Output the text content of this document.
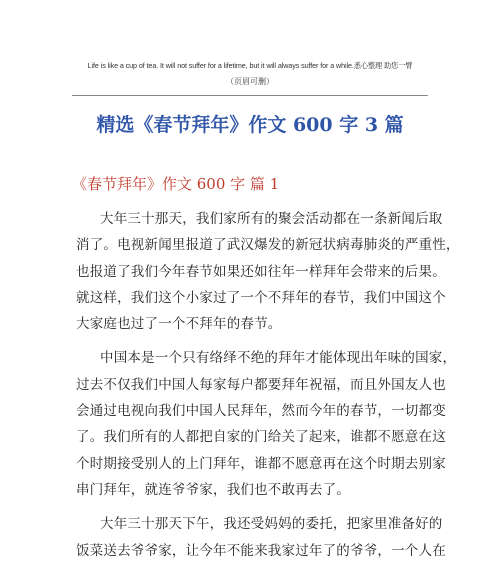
Life is like a cup of tea. It will not suffer for a lifetime, but it will always suffer for a while.悉心整理 助您一臂
（页眉可删）
精选《春节拜年》作文 600 字 3 篇
《春节拜年》作文 600 字 篇 1
大年三十那天，我们家所有的聚会活动都在一条新闻后取
消了。电视新闻里报道了武汉爆发的新冠状病毒肺炎的严重性，
也报道了我们今年春节如果还如往年一样拜年会带来的后果。
就这样，我们这个小家过了一个不拜年的春节，我们中国这个
大家庭也过了一个不拜年的春节。
中国本是一个只有络绎不绝的拜年才能体现出年味的国家，
过去不仅我们中国人每家每户都要拜年祝福，而且外国友人也
会通过电视向我们中国人民拜年，然而今年的春节，一切都变
了。我们所有的人都把自家的门给关了起来，谁都不愿意在这
个时期接受别人的上门拜年，谁都不愿意再在这个时期去别家
串门拜年，就连爷爷家，我们也不敢再去了。
大年三十那天下午，我还受妈妈的委托，把家里准备好的
饭菜送去爷爷家，让今年不能来我家过年了的爷爷，一个人在
